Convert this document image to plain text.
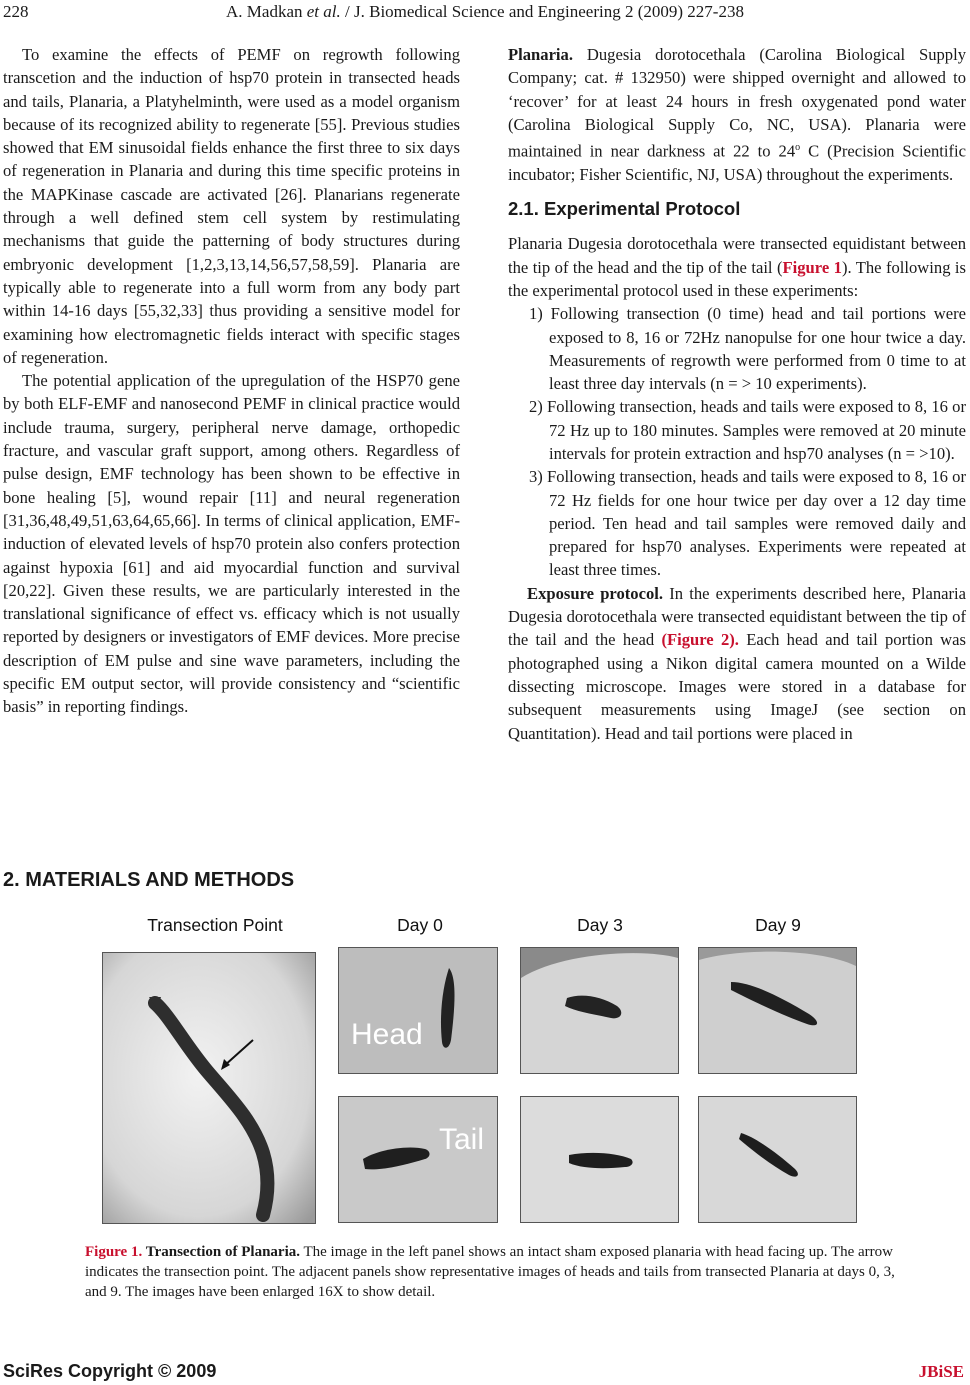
228	A. Madkan et al. / J. Biomedical Science and Engineering 2 (2009) 227-238

To examine the effects of PEMF on regrowth following transcetion and the induction of hsp70 protein in transected heads and tails, Planaria, a Platyhelminth, were used as a model organism because of its recognized ability to regenerate [55]. Previous studies showed that EM sinusoidal fields enhance the first three to six days of regeneration in Planaria and during this time specific proteins in the MAPKinase cascade are activated [26]. Planarians regenerate through a well defined stem cell system by restimulating mechanisms that guide the patterning of body structures during embryonic development [1,2,3,13,14,56,57,58,59]. Planaria are typically able to regenerate into a full worm from any body part within 14-16 days [55,32,33] thus providing a sensitive model for examining how electromagnetic fields interact with specific stages of regeneration.

The potential application of the upregulation of the HSP70 gene by both ELF-EMF and nanosecond PEMF in clinical practice would include trauma, surgery, peripheral nerve damage, orthopedic fracture, and vascular graft support, among others. Regardless of pulse design, EMF technology has been shown to be effective in bone healing [5], wound repair [11] and neural regeneration [31,36,48,49,51,63,64,65,66]. In terms of clinical application, EMF-induction of elevated levels of hsp70 protein also confers protection against hypoxia [61] and aid myocardial function and survival [20,22]. Given these results, we are particularly interested in the translational significance of effect vs. efficacy which is not usually reported by designers or investigators of EMF devices. More precise description of EM pulse and sine wave parameters, including the specific EM output sector, will provide consistency and “scientific basis” in reporting findings.

2. MATERIALS AND METHODS

Planaria. Dugesia dorotocethala (Carolina Biological Supply Company; cat. # 132950) were shipped overnight and allowed to ‘recover’ for at least 24 hours in fresh oxygenated pond water (Carolina Biological Supply Co, NC, USA). Planaria were maintained in near darkness at 22 to 24$^o$ C (Precision Scientific incubator; Fisher Scientific, NJ, USA) throughout the experiments.

2.1. Experimental Protocol

Planaria Dugesia dorotocethala were transected equidistant between the tip of the head and the tip of the tail (Figure 1). The following is the experimental protocol used in these experiments:

1) Following transection (0 time) head and tail portions were exposed to 8, 16 or 72Hz nanopulse for one hour twice a day. Measurements of regrowth were performed from 0 time to at least three day intervals (n = > 10 experiments).
2) Following transection, heads and tails were exposed to 8, 16 or 72 Hz up to 180 minutes. Samples were removed at 20 minute intervals for protein extraction and hsp70 analyses (n = >10).
3) Following transection, heads and tails were exposed to 8, 16 or 72 Hz fields for one hour twice per day over a 12 day time period. Ten head and tail samples were removed daily and prepared for hsp70 analyses. Experiments were repeated at least three times.

Exposure protocol. In the experiments described here, Planaria Dugesia dorotocethala were transected equidistant between the tip of the tail and the head (Figure 2). Each head and tail portion was photographed using a Nikon digital camera mounted on a Wilde dissecting microscope. Images were stored in a database for subsequent measurements using ImageJ (see section on Quantitation). Head and tail portions were placed in

Transection Point	Day 0	Day 3	Day 9
Head
Tail
Figure 1. Transection of Planaria. The image in the left panel shows an intact sham exposed planaria with head facing up. The arrow indicates the transection point. The adjacent panels show representative images of heads and tails from transected Planaria at days 0, 3, and 9. The images have been enlarged 16X to show detail.
SciRes Copyright © 2009	JBiSE
